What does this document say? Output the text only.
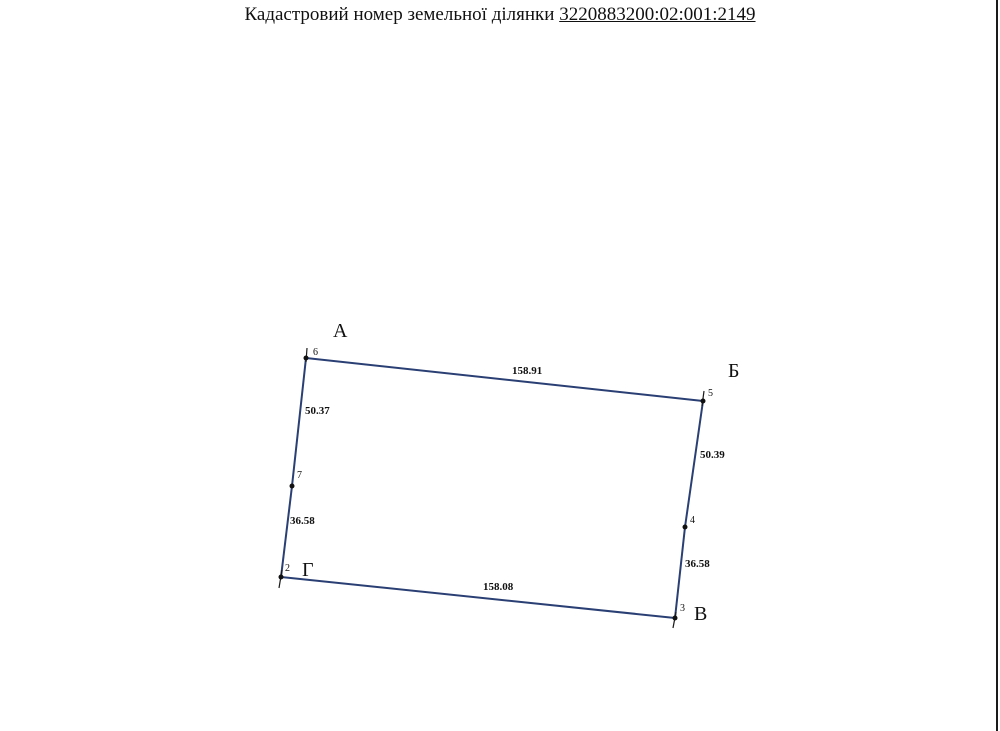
Кадастровий номер земельної ділянки 3220883200:02:001:2149
6
5
7
4
2
3
А
Б
Г
В
158.91
50.39
36.58
158.08
50.37
36.58
